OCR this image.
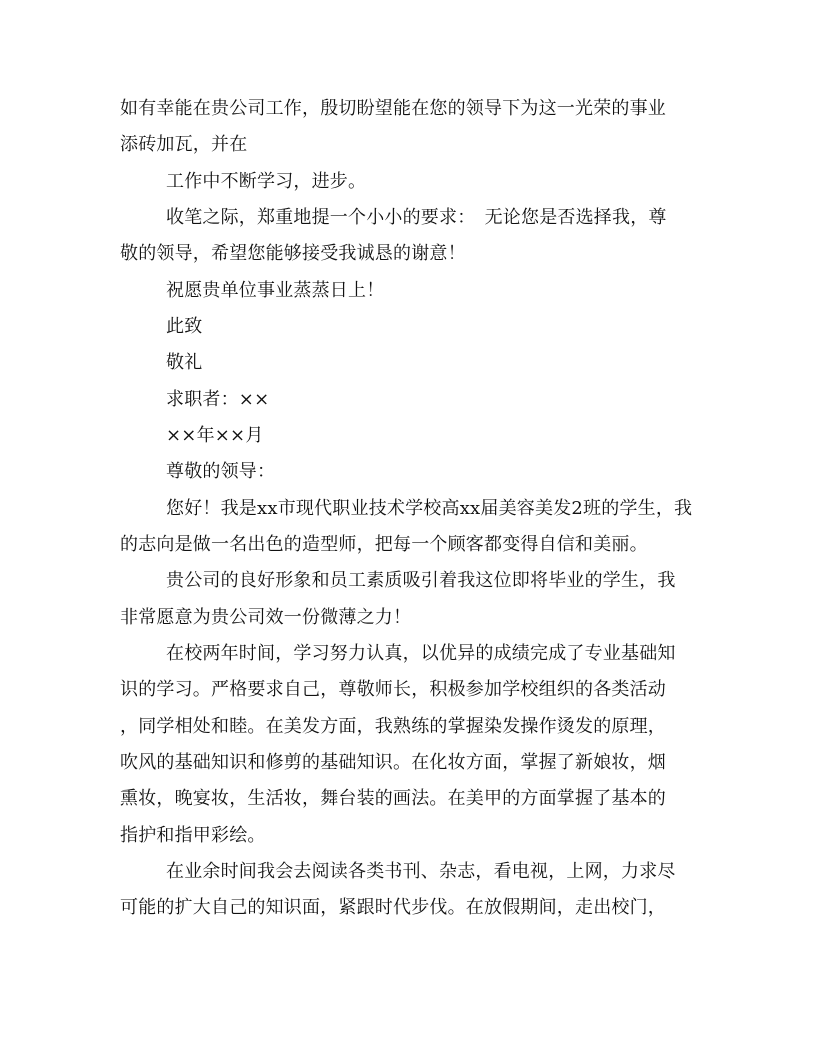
如有幸能在贵公司工作，殷切盼望能在您的领导下为这一光荣的事业
添砖加瓦，并在
工作中不断学习，进步。
收笔之际，郑重地提一个小小的要求：　无论您是否选择我，尊
敬的领导，希望您能够接受我诚恳的谢意！
祝愿贵单位事业蒸蒸日上！
此致
敬礼
求职者：××
××年××月
尊敬的领导：
您好！我是xx市现代职业技术学校高xx届美容美发2班的学生，我
的志向是做一名出色的造型师，把每一个顾客都变得自信和美丽。
贵公司的良好形象和员工素质吸引着我这位即将毕业的学生，我
非常愿意为贵公司效一份微薄之力！
在校两年时间，学习努力认真，以优异的成绩完成了专业基础知
识的学习。严格要求自己，尊敬师长，积极参加学校组织的各类活动
，同学相处和睦。在美发方面，我熟练的掌握染发操作烫发的原理，
吹风的基础知识和修剪的基础知识。在化妆方面，掌握了新娘妆，烟
熏妆，晚宴妆，生活妆，舞台装的画法。在美甲的方面掌握了基本的
指护和指甲彩绘。
在业余时间我会去阅读各类书刊、杂志，看电视，上网，力求尽
可能的扩大自己的知识面，紧跟时代步伐。在放假期间，走出校门，
